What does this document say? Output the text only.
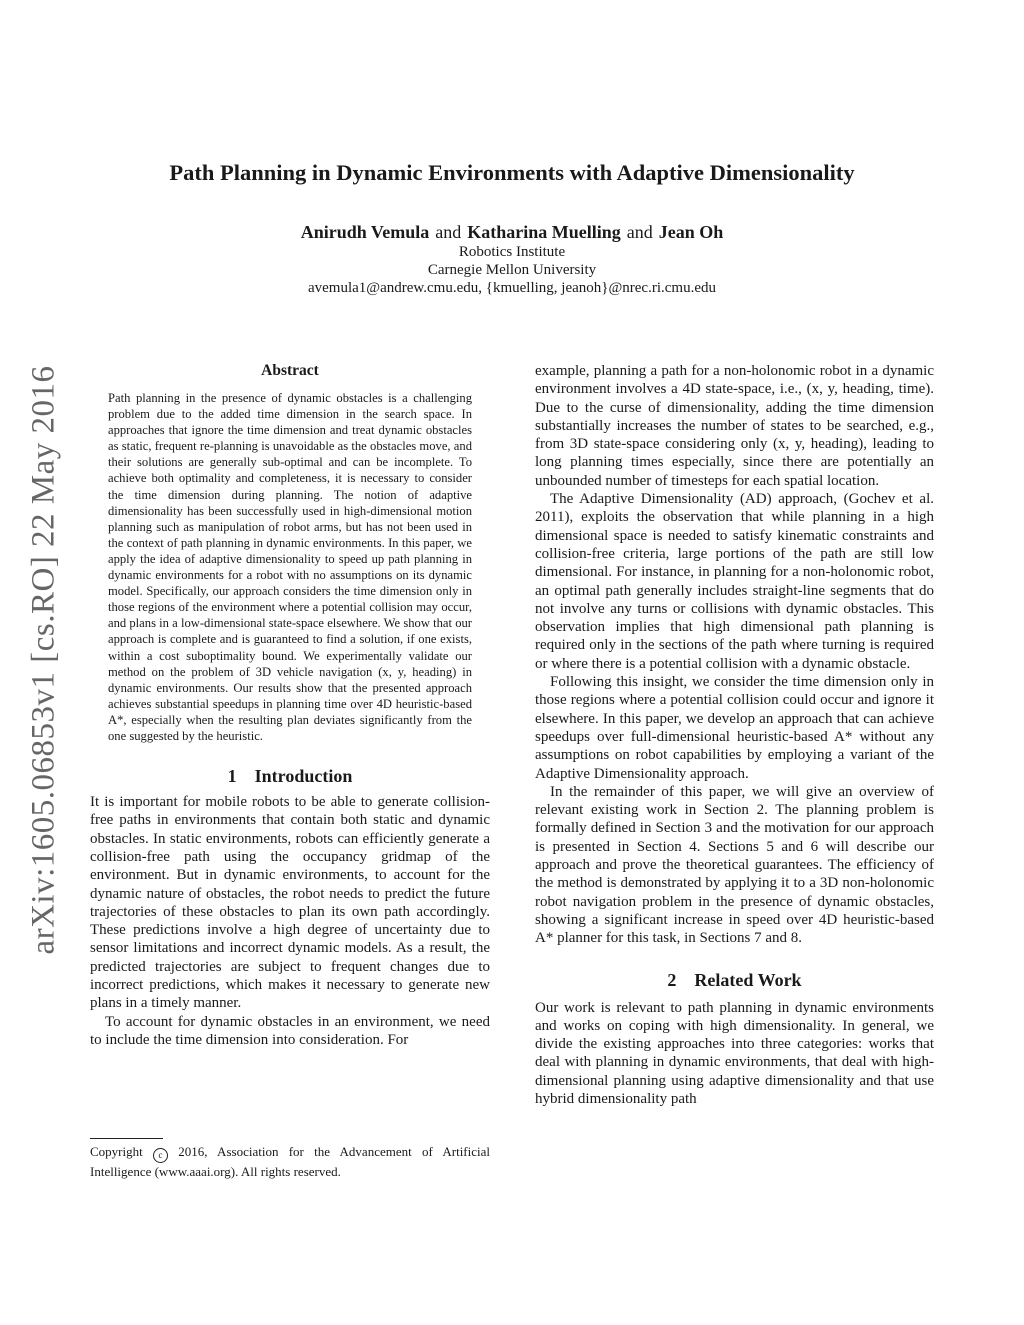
arXiv:1605.06853v1 [cs.RO] 22 May 2016
Path Planning in Dynamic Environments with Adaptive Dimensionality
Anirudh Vemula and Katharina Muelling and Jean Oh
Robotics Institute
Carnegie Mellon University
avemula1@andrew.cmu.edu, {kmuelling, jeanoh}@nrec.ri.cmu.edu
Abstract

Path planning in the presence of dynamic obstacles is a challenging problem due to the added time dimension in the search space. In approaches that ignore the time dimension and treat dynamic obstacles as static, frequent re-planning is unavoidable as the obstacles move, and their solutions are generally sub-optimal and can be incomplete. To achieve both optimality and completeness, it is necessary to consider the time dimension during planning. The notion of adaptive dimensionality has been successfully used in high-dimensional motion planning such as manipulation of robot arms, but has not been used in the context of path planning in dynamic environments. In this paper, we apply the idea of adaptive dimensionality to speed up path planning in dynamic environments for a robot with no assumptions on its dynamic model. Specifically, our approach considers the time dimension only in those regions of the environment where a potential collision may occur, and plans in a low-dimensional state-space elsewhere. We show that our approach is complete and is guaranteed to find a solution, if one exists, within a cost suboptimality bound. We experimentally validate our method on the problem of 3D vehicle navigation (x, y, heading) in dynamic environments. Our results show that the presented approach achieves substantial speedups in planning time over 4D heuristic-based A*, especially when the resulting plan deviates significantly from the one suggested by the heuristic.

1 Introduction

It is important for mobile robots to be able to generate collision-free paths in environments that contain both static and dynamic obstacles. In static environments, robots can efficiently generate a collision-free path using the occupancy gridmap of the environment. But in dynamic environments, to account for the dynamic nature of obstacles, the robot needs to predict the future trajectories of these obstacles to plan its own path accordingly. These predictions involve a high degree of uncertainty due to sensor limitations and incorrect dynamic models. As a result, the predicted trajectories are subject to frequent changes due to incorrect predictions, which makes it necessary to generate new plans in a timely manner.

To account for dynamic obstacles in an environment, we need to include the time dimension into consideration. For

Copyright c 2016, Association for the Advancement of Artificial Intelligence (www.aaai.org). All rights reserved.

example, planning a path for a non-holonomic robot in a dynamic environment involves a 4D state-space, i.e., (x, y, heading, time). Due to the curse of dimensionality, adding the time dimension substantially increases the number of states to be searched, e.g., from 3D state-space considering only (x, y, heading), leading to long planning times especially, since there are potentially an unbounded number of timesteps for each spatial location.

The Adaptive Dimensionality (AD) approach, (Gochev et al. 2011), exploits the observation that while planning in a high dimensional space is needed to satisfy kinematic constraints and collision-free criteria, large portions of the path are still low dimensional. For instance, in planning for a non-holonomic robot, an optimal path generally includes straight-line segments that do not involve any turns or collisions with dynamic obstacles. This observation implies that high dimensional path planning is required only in the sections of the path where turning is required or where there is a potential collision with a dynamic obstacle.

Following this insight, we consider the time dimension only in those regions where a potential collision could occur and ignore it elsewhere. In this paper, we develop an approach that can achieve speedups over full-dimensional heuristic-based A* without any assumptions on robot capabilities by employing a variant of the Adaptive Dimensionality approach.

In the remainder of this paper, we will give an overview of relevant existing work in Section 2. The planning problem is formally defined in Section 3 and the motivation for our approach is presented in Section 4. Sections 5 and 6 will describe our approach and prove the theoretical guarantees. The efficiency of the method is demonstrated by applying it to a 3D non-holonomic robot navigation problem in the presence of dynamic obstacles, showing a significant increase in speed over 4D heuristic-based A* planner for this task, in Sections 7 and 8.

2 Related Work

Our work is relevant to path planning in dynamic environments and works on coping with high dimensionality. In general, we divide the existing approaches into three categories: works that deal with planning in dynamic environments, that deal with high-dimensional planning using adaptive dimensionality and that use hybrid dimensionality path
